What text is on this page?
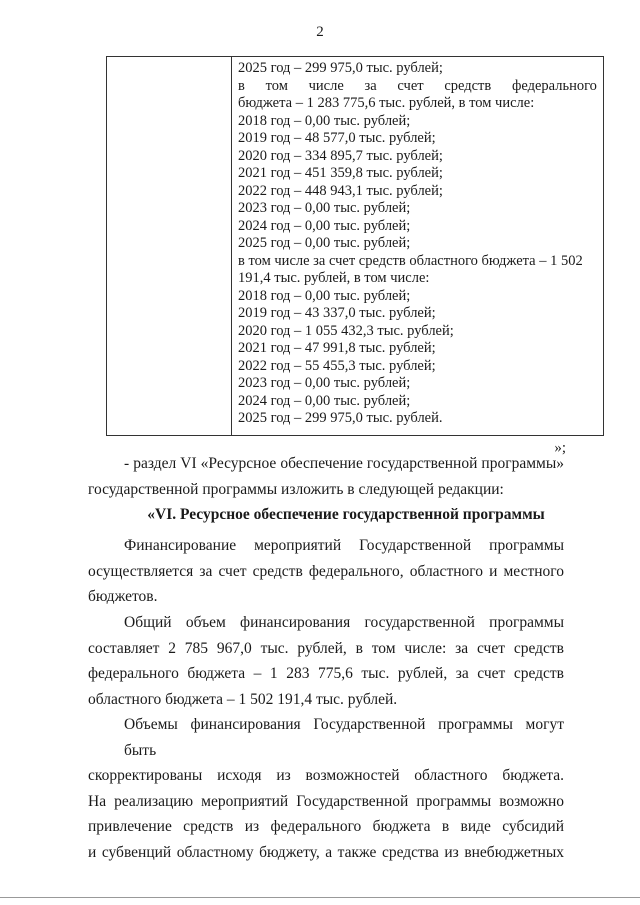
2
2025 год – 299 975,0 тыс. рублей;
в том числе за счет средств федерального
бюджета – 1 283 775,6 тыс. рублей, в том числе:
2018 год – 0,00 тыс. рублей;
2019 год – 48 577,0 тыс. рублей;
2020 год – 334 895,7 тыс. рублей;
2021 год – 451 359,8 тыс. рублей;
2022 год – 448 943,1 тыс. рублей;
2023 год – 0,00 тыс. рублей;
2024 год – 0,00 тыс. рублей;
2025 год – 0,00 тыс. рублей;
в том числе за счет средств областного бюджета – 1 502
191,4 тыс. рублей, в том числе:
2018 год – 0,00 тыс. рублей;
2019 год – 43 337,0 тыс. рублей;
2020 год – 1 055 432,3 тыс. рублей;
2021 год – 47 991,8 тыс. рублей;
2022 год – 55 455,3 тыс. рублей;
2023 год – 0,00 тыс. рублей;
2024 год – 0,00 тыс. рублей;
2025 год – 299 975,0 тыс. рублей.
»;
- раздел VI «Ресурсное обеспечение государственной программы»
государственной программы изложить в следующей редакции:
«VI. Ресурсное обеспечение государственной программы
Финансирование мероприятий Государственной программы
осуществляется за счет средств федерального, областного и местного
бюджетов.
Общий объем финансирования государственной программы
составляет 2 785 967,0 тыс. рублей, в том числе: за счет средств
федерального бюджета – 1 283 775,6 тыс. рублей, за счет средств
областного бюджета – 1 502 191,4 тыс. рублей.
Объемы финансирования Государственной программы могут быть
скорректированы исходя из возможностей областного бюджета.
На реализацию мероприятий Государственной программы возможно
привлечение средств из федерального бюджета в виде субсидий
и субвенций областному бюджету, а также средства из внебюджетных
